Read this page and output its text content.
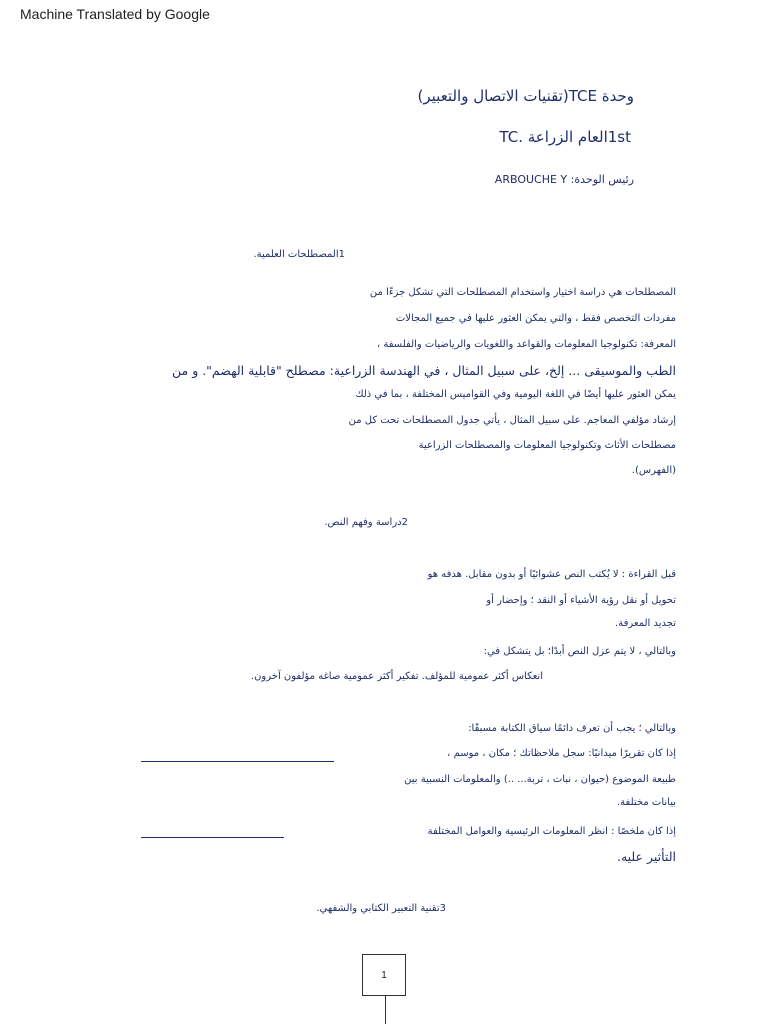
Machine Translated by Google
وحدة TCE(تقنيات الاتصال والتعبير)
1stالعام الزراعة .TC
رئيس الوحدة: ARBOUCHE Y
1المصطلحات العلمية.
المصطلحات هي دراسة اختيار واستخدام المصطلحات التي تشكل جزءًا من
مفردات التخصص فقط ، والتي يمكن العثور عليها في جميع المجالات
المعرفة: تكنولوجيا المعلومات والقواعد واللغويات والرياضيات والفلسفة ،
الطب والموسيقى ... إلخ، على سبيل المثال ، في الهندسة الزراعية: مصطلح "قابلية الهضم". و من
يمكن العثور عليها أيضًا في اللغة اليومية وفي القواميس المختلفة ، بما في ذلك
إرشاد مؤلفي المعاجم. على سبيل المثال ، يأتي جدول المصطلحات تحت كل من
مصطلحات الأثاث وتكنولوجيا المعلومات والمصطلحات الزراعية
(الفهرس).
2دراسة وفهم النص.
قبل القراءة : لا يُكتب النص عشوائيًا أو بدون مقابل. هدفه هو
تحويل أو نقل رؤية الأشياء أو النقد ؛ وإحضار أو
تجديد المعرفة.
وبالتالي ، لا يتم عزل النص أبدًا؛ بل يتشكل في:
انعكاس أكثر عمومية للمؤلف. تفكير أكثر عمومية صاغه مؤلفون آخرون.
وبالتالي ؛ يجب أن تعرف دائمًا سياق الكتابة مسبقًا:
إذا كان تقريرًا ميدانيًا: سجل ملاحظاتك ؛ مكان ، موسم ،
طبيعة الموضوع (حيوان ، نبات ، تربة... ..) والمعلومات النسبية بين
بيانات مختلفة.
إذا كان ملخصًا : انظر المعلومات الرئيسية والعوامل المختلفة
التأثير عليه.
3تقنية التعبير الكتابي والشفهي.
1
